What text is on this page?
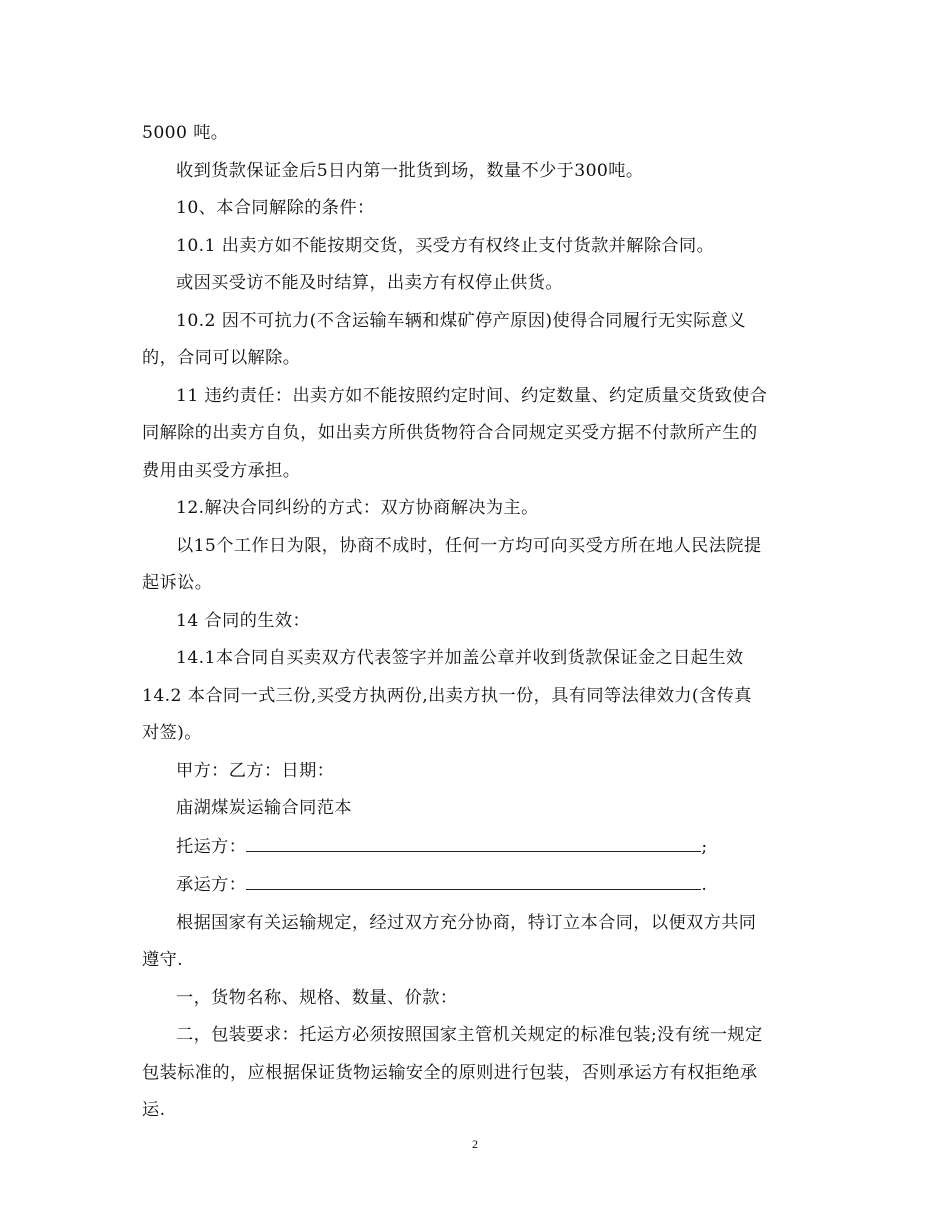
5000 吨。

收到货款保证金后5日内第一批货到场，数量不少于300吨。

10、本合同解除的条件：

10.1 出卖方如不能按期交货，买受方有权终止支付货款并解除合同。

或因买受访不能及时结算，出卖方有权停止供货。

10.2 因不可抗力(不含运输车辆和煤矿停产原因)使得合同履行无实际意义

的，合同可以解除。

11 违约责任：出卖方如不能按照约定时间、约定数量、约定质量交货致使合

同解除的出卖方自负，如出卖方所供货物符合合同规定买受方据不付款所产生的

费用由买受方承担。

12.解决合同纠纷的方式：双方协商解决为主。

以15个工作日为限，协商不成时，任何一方均可向买受方所在地人民法院提

起诉讼。

14 合同的生效：

14.1本合同自买卖双方代表签字并加盖公章并收到货款保证金之日起生效

14.2 本合同一式三份,买受方执两份,出卖方执一份，具有同等法律效力(含传真

对签)。

甲方：乙方：日期：

庙湖煤炭运输合同范本

托运方：	;

承运方：	.

根据国家有关运输规定，经过双方充分协商，特订立本合同，以便双方共同

遵守.

一，货物名称、规格、数量、价款：

二，包装要求：托运方必须按照国家主管机关规定的标准包装;没有统一规定

包装标准的，应根据保证货物运输安全的原则进行包装，否则承运方有权拒绝承

运.

2
